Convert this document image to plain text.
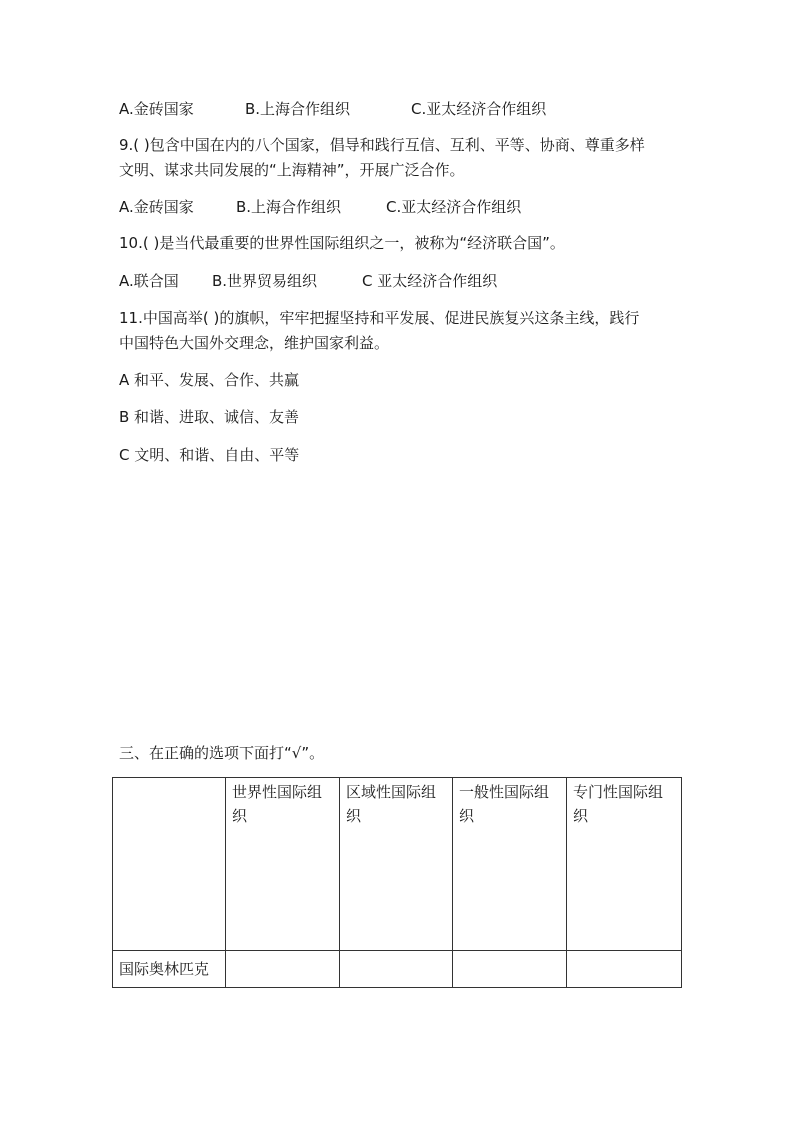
A.金砖国家	B.上海合作组织	C.亚太经济合作组织
9.( )包含中国在内的八个国家，倡导和践行互信、互利、平等、协商、尊重多样
文明、谋求共同发展的“上海精神”，开展广泛合作。
A.金砖国家	B.上海合作组织	C.亚太经济合作组织
10.( )是当代最重要的世界性国际组织之一，被称为“经济联合国”。
A.联合国 B.世界贸易组织	C 亚太经济合作组织
11.中国高举( )的旗帜，牢牢把握坚持和平发展、促进民族复兴这条主线，践行
中国特色大国外交理念，维护国家利益。
A 和平、发展、合作、共赢
B 和谐、进取、诚信、友善
C 文明、和谐、自由、平等
三、在正确的选项下面打“√”。
	世界性国际组织	区域性国际组织	一般性国际组织	专门性国际组织
国际奥林匹克				
